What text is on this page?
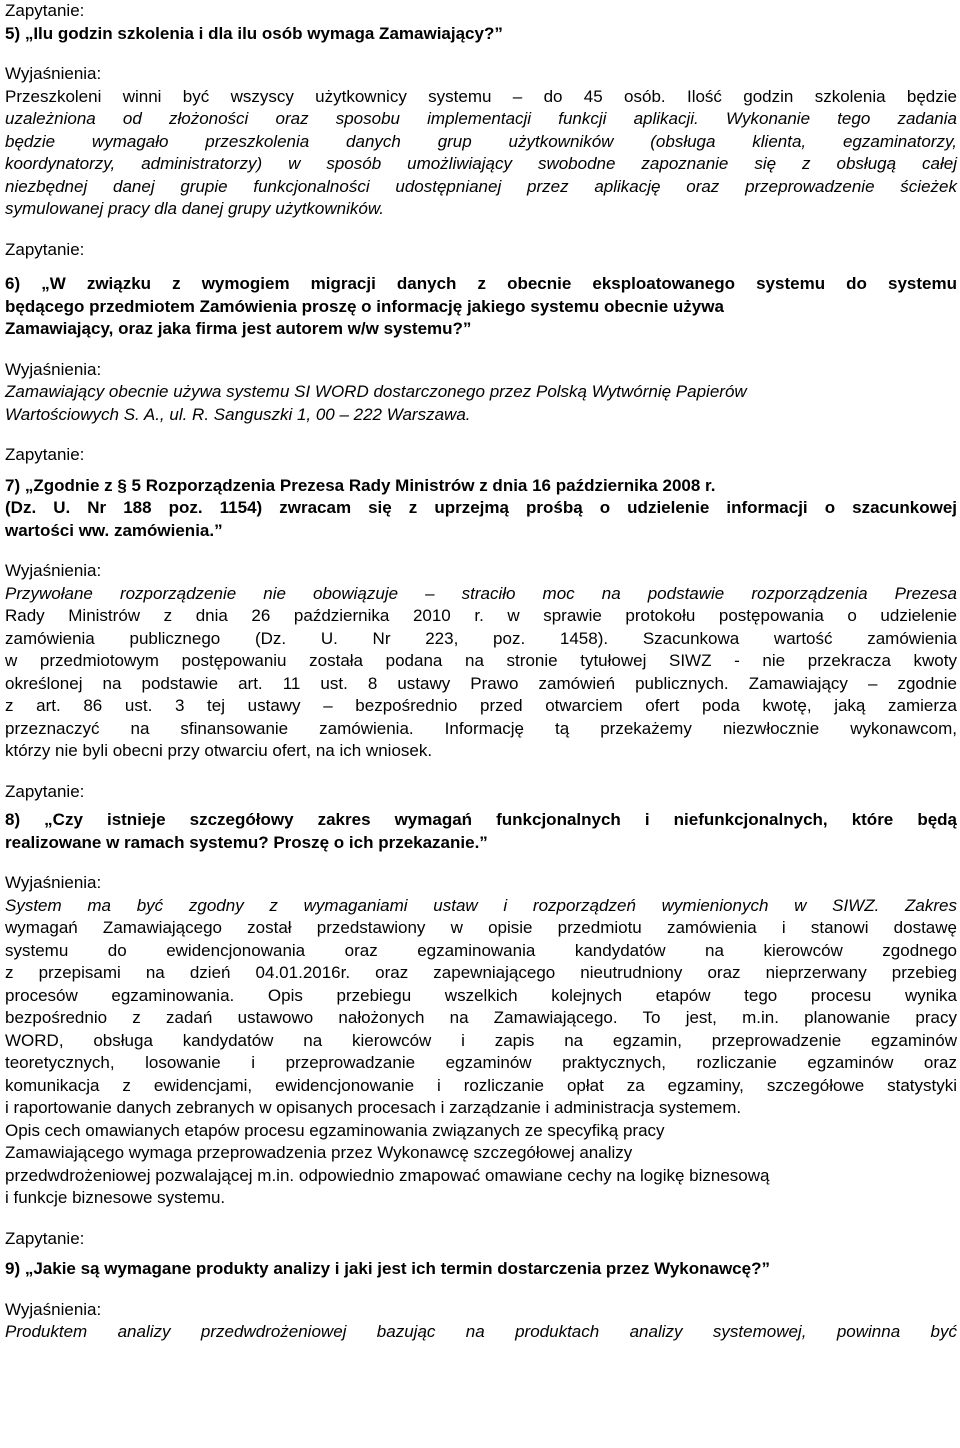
Zapytanie:
5) „Ilu godzin szkolenia i dla ilu osób wymaga Zamawiający?”
Wyjaśnienia:
Przeszkoleni winni być wszyscy użytkownicy systemu – do 45 osób. Ilość godzin szkolenia będzie
uzależniona od złożoności oraz sposobu implementacji funkcji aplikacji. Wykonanie tego zadania
będzie wymagało przeszkolenia danych grup użytkowników (obsługa klienta, egzaminatorzy,
koordynatorzy, administratorzy) w sposób umożliwiający swobodne zapoznanie się z obsługą całej
niezbędnej danej grupie funkcjonalności udostępnianej przez aplikację oraz przeprowadzenie ścieżek
symulowanej pracy dla danej grupy użytkowników.
Zapytanie:
6) „W związku z wymogiem migracji danych z obecnie eksploatowanego systemu do systemu
będącego przedmiotem Zamówienia proszę o informację jakiego systemu obecnie używa
Zamawiający, oraz jaka firma jest autorem w/w systemu?”
Wyjaśnienia:
Zamawiający obecnie używa systemu SI WORD dostarczonego przez Polską Wytwórnię Papierów
Wartościowych S. A., ul. R. Sanguszki 1, 00 – 222 Warszawa.
Zapytanie:
7) „Zgodnie z § 5 Rozporządzenia Prezesa Rady Ministrów z dnia 16 października 2008 r.
(Dz. U. Nr 188 poz. 1154) zwracam się z uprzejmą prośbą o udzielenie informacji o szacunkowej
wartości ww. zamówienia.”
Wyjaśnienia:
Przywołane rozporządzenie nie obowiązuje – straciło moc na podstawie rozporządzenia Prezesa
Rady Ministrów z dnia 26 października 2010 r. w sprawie protokołu postępowania o udzielenie
zamówienia publicznego (Dz. U. Nr 223, poz. 1458). Szacunkowa wartość zamówienia
w przedmiotowym postępowaniu została podana na stronie tytułowej SIWZ - nie przekracza kwoty
określonej na podstawie art. 11 ust. 8 ustawy Prawo zamówień publicznych. Zamawiający – zgodnie
z art. 86 ust. 3 tej ustawy – bezpośrednio przed otwarciem ofert poda kwotę, jaką zamierza
przeznaczyć na sfinansowanie zamówienia. Informację tą przekażemy niezwłocznie wykonawcom,
którzy nie byli obecni przy otwarciu ofert, na ich wniosek.
Zapytanie:
8) „Czy istnieje szczegółowy zakres wymagań funkcjonalnych i niefunkcjonalnych, które będą
realizowane w ramach systemu? Proszę o ich przekazanie.”
Wyjaśnienia:
System ma być zgodny z wymaganiami ustaw i rozporządzeń wymienionych w SIWZ. Zakres
wymagań Zamawiającego został przedstawiony w opisie przedmiotu zamówienia i stanowi dostawę
systemu do ewidencjonowania oraz egzaminowania kandydatów na kierowców zgodnego
z przepisami na dzień 04.01.2016r. oraz zapewniającego nieutrudniony oraz nieprzerwany przebieg
procesów egzaminowania. Opis przebiegu wszelkich kolejnych etapów tego procesu wynika
bezpośrednio z zadań ustawowo nałożonych na Zamawiającego. To jest, m.in. planowanie pracy
WORD, obsługa kandydatów na kierowców i zapis na egzamin, przeprowadzenie egzaminów
teoretycznych, losowanie i przeprowadzanie egzaminów praktycznych, rozliczanie egzaminów oraz
komunikacja z ewidencjami, ewidencjonowanie i rozliczanie opłat za egzaminy, szczegółowe statystyki
i raportowanie danych zebranych w opisanych procesach i zarządzanie i administracja systemem.
Opis cech omawianych etapów procesu egzaminowania związanych ze specyfiką pracy
Zamawiającego wymaga przeprowadzenia przez Wykonawcę szczegółowej analizy
przedwdrożeniowej pozwalającej m.in. odpowiednio zmapować omawiane cechy na logikę biznesową
i funkcje biznesowe systemu.
Zapytanie:
9) „Jakie są wymagane produkty analizy i jaki jest ich termin dostarczenia przez Wykonawcę?”
Wyjaśnienia:
Produktem analizy przedwdrożeniowej bazując na produktach analizy systemowej, powinna być
